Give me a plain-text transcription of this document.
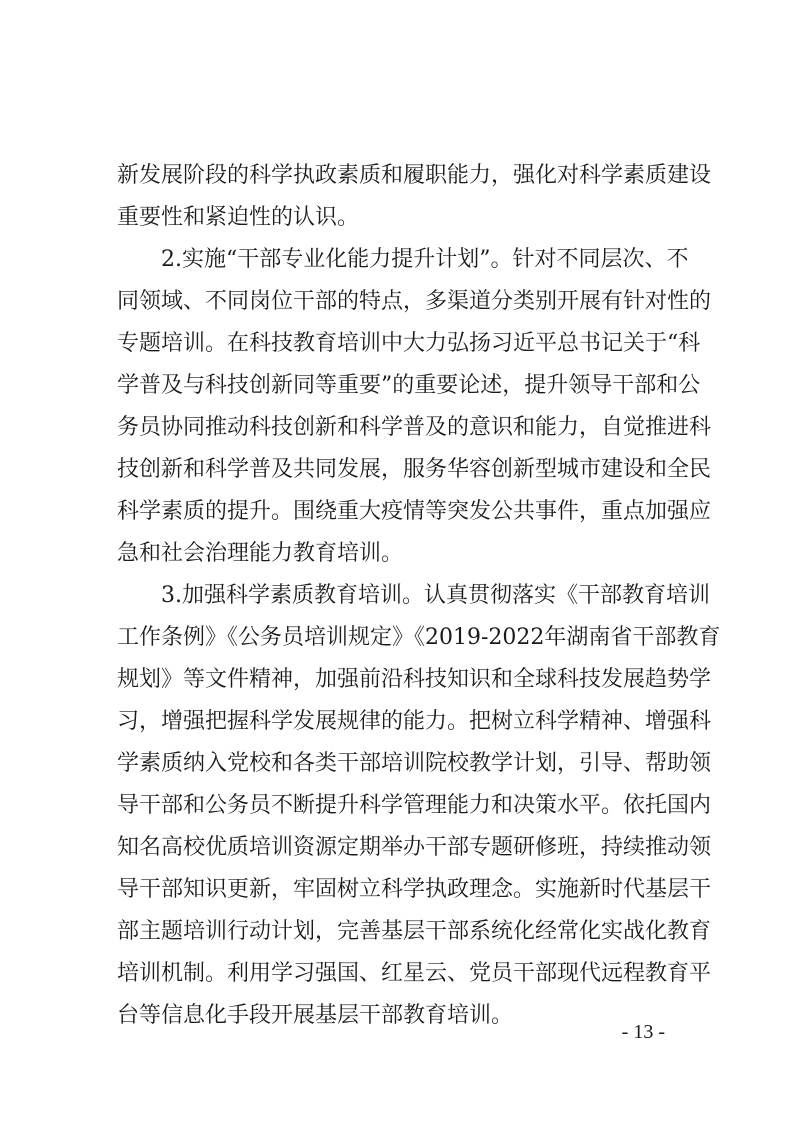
新发展阶段的科学执政素质和履职能力，强化对科学素质建设
重要性和紧迫性的认识。
2.实施“干部专业化能力提升计划”。针对不同层次、不
同领域、不同岗位干部的特点，多渠道分类别开展有针对性的
专题培训。在科技教育培训中大力弘扬习近平总书记关于“科
学普及与科技创新同等重要”的重要论述，提升领导干部和公
务员协同推动科技创新和科学普及的意识和能力，自觉推进科
技创新和科学普及共同发展，服务华容创新型城市建设和全民
科学素质的提升。围绕重大疫情等突发公共事件，重点加强应
急和社会治理能力教育培训。
3.加强科学素质教育培训。认真贯彻落实《干部教育培训
工作条例》《公务员培训规定》《2019-2022年湖南省干部教育
规划》等文件精神，加强前沿科技知识和全球科技发展趋势学
习，增强把握科学发展规律的能力。把树立科学精神、增强科
学素质纳入党校和各类干部培训院校教学计划，引导、帮助领
导干部和公务员不断提升科学管理能力和决策水平。依托国内
知名高校优质培训资源定期举办干部专题研修班，持续推动领
导干部知识更新，牢固树立科学执政理念。实施新时代基层干
部主题培训行动计划，完善基层干部系统化经常化实战化教育
培训机制。利用学习强国、红星云、党员干部现代远程教育平
台等信息化手段开展基层干部教育培训。
- 13 -
